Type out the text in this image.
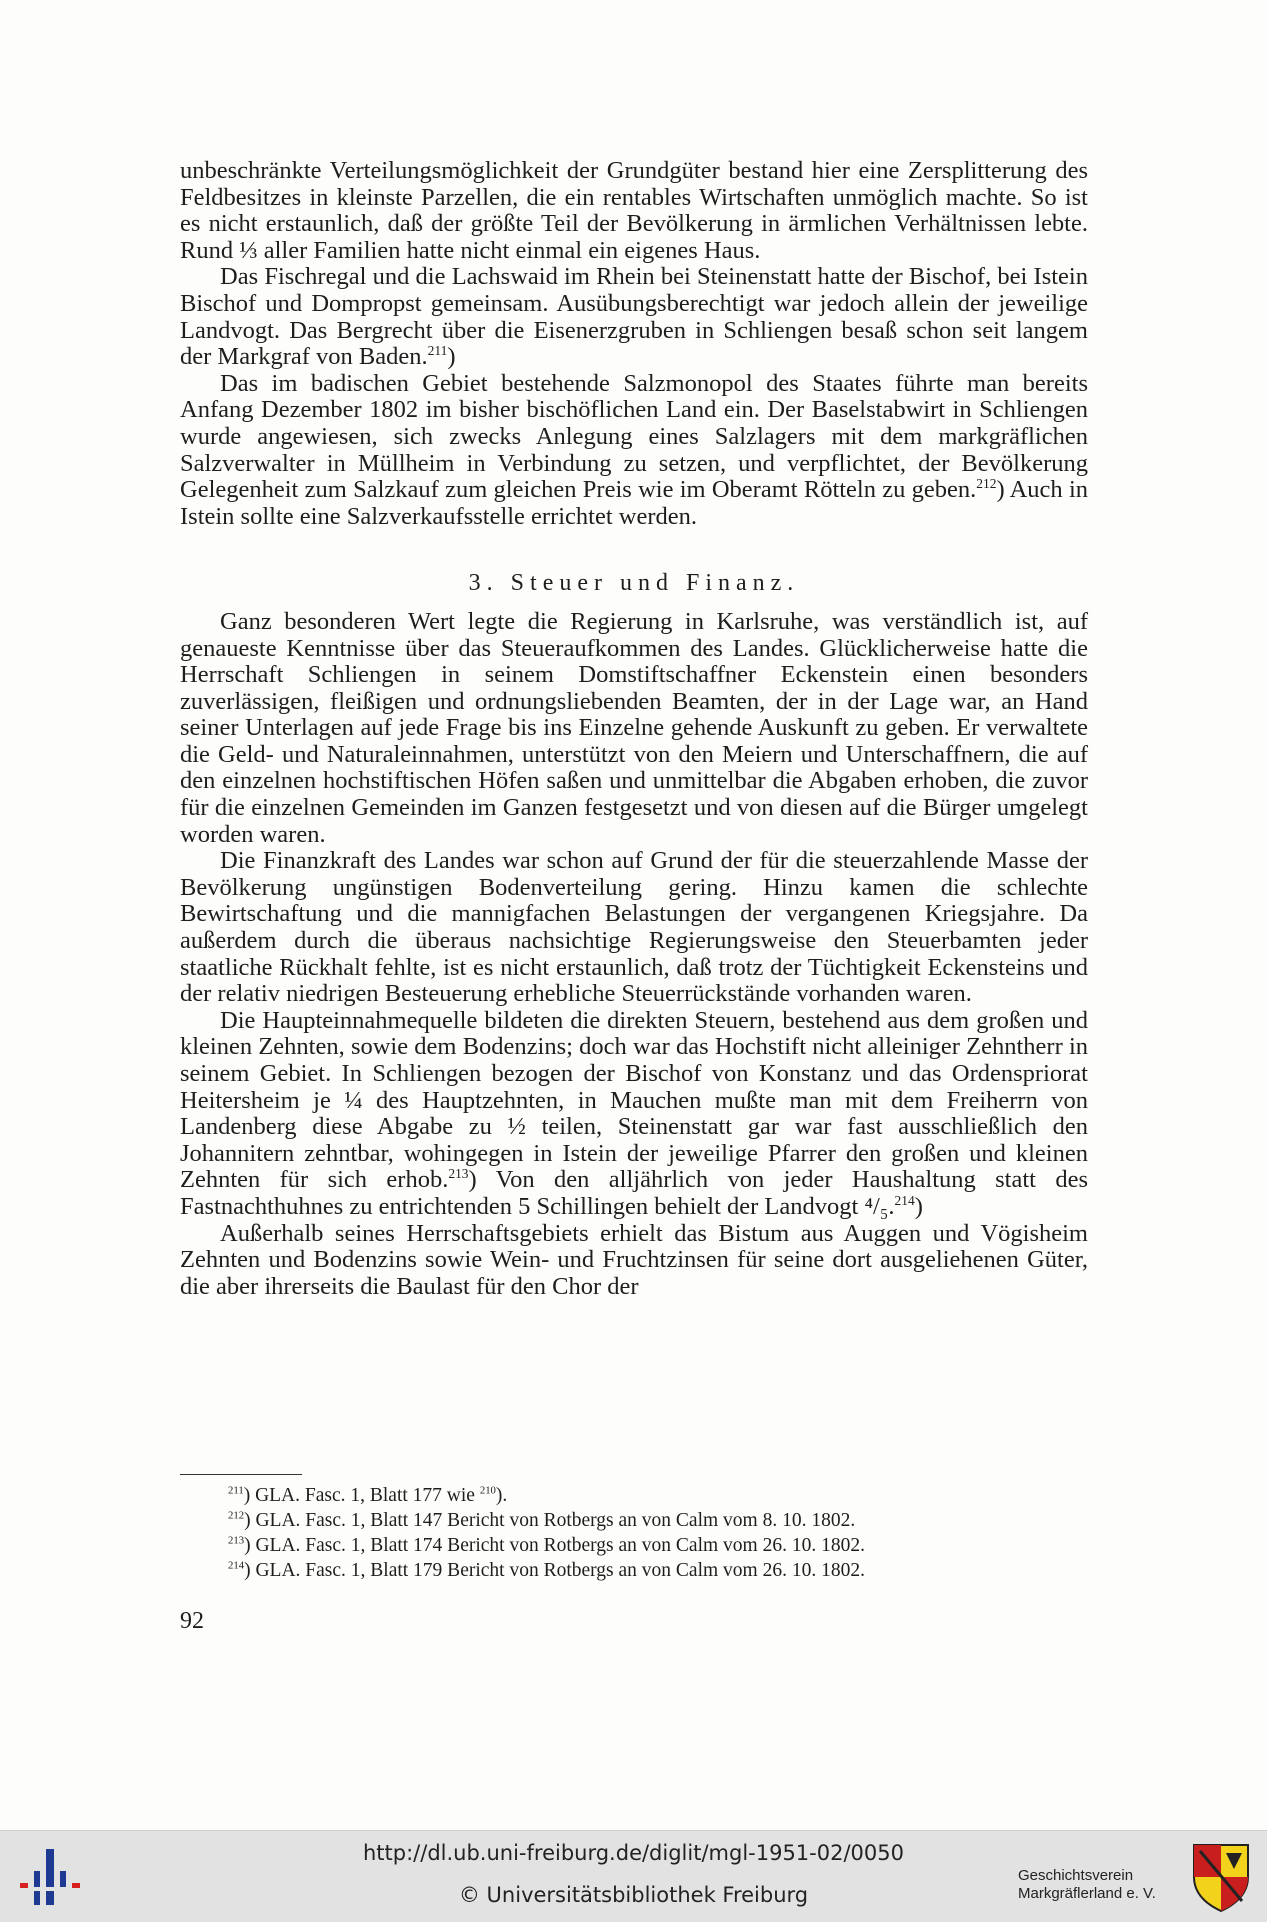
unbeschränkte Verteilungsmöglichkeit der Grundgüter bestand hier eine Zersplitterung des Feldbesitzes in kleinste Parzellen, die ein rentables Wirtschaften unmöglich machte. So ist es nicht erstaunlich, daß der größte Teil der Bevölkerung in ärmlichen Verhältnissen lebte. Rund ⅓ aller Familien hatte nicht einmal ein eigenes Haus.

Das Fischregal und die Lachswaid im Rhein bei Steinenstatt hatte der Bischof, bei Istein Bischof und Dompropst gemeinsam. Ausübungsberechtigt war jedoch allein der jeweilige Landvogt. Das Bergrecht über die Eisenerzgruben in Schliengen besaß schon seit langem der Markgraf von Baden.$^{211}$)

Das im badischen Gebiet bestehende Salzmonopol des Staates führte man bereits Anfang Dezember 1802 im bisher bischöflichen Land ein. Der Baselstabwirt in Schliengen wurde angewiesen, sich zwecks Anlegung eines Salzlagers mit dem markgräflichen Salzverwalter in Müllheim in Verbindung zu setzen, und verpflichtet, der Bevölkerung Gelegenheit zum Salzkauf zum gleichen Preis wie im Oberamt Rötteln zu geben.$^{212}$) Auch in Istein sollte eine Salzverkaufsstelle errichtet werden.

3. Steuer und Finanz.

Ganz besonderen Wert legte die Regierung in Karlsruhe, was verständlich ist, auf genaueste Kenntnisse über das Steueraufkommen des Landes. Glücklicherweise hatte die Herrschaft Schliengen in seinem Domstiftschaffner Eckenstein einen besonders zuverlässigen, fleißigen und ordnungsliebenden Beamten, der in der Lage war, an Hand seiner Unterlagen auf jede Frage bis ins Einzelne gehende Auskunft zu geben. Er verwaltete die Geld- und Naturaleinnahmen, unterstützt von den Meiern und Unterschaffnern, die auf den einzelnen hochstiftischen Höfen saßen und unmittelbar die Abgaben erhoben, die zuvor für die einzelnen Gemeinden im Ganzen festgesetzt und von diesen auf die Bürger umgelegt worden waren.

Die Finanzkraft des Landes war schon auf Grund der für die steuerzahlende Masse der Bevölkerung ungünstigen Bodenverteilung gering. Hinzu kamen die schlechte Bewirtschaftung und die mannigfachen Belastungen der vergangenen Kriegsjahre. Da außerdem durch die überaus nachsichtige Regierungsweise den Steuerbamten jeder staatliche Rückhalt fehlte, ist es nicht erstaunlich, daß trotz der Tüchtigkeit Eckensteins und der relativ niedrigen Besteuerung erhebliche Steuerrückstände vorhanden waren.

Die Haupteinnahmequelle bildeten die direkten Steuern, bestehend aus dem großen und kleinen Zehnten, sowie dem Bodenzins; doch war das Hochstift nicht alleiniger Zehntherr in seinem Gebiet. In Schliengen bezogen der Bischof von Konstanz und das Ordenspriorat Heitersheim je ¼ des Hauptzehnten, in Mauchen mußte man mit dem Freiherrn von Landenberg diese Abgabe zu ½ teilen, Steinenstatt gar war fast ausschließlich den Johannitern zehntbar, wohingegen in Istein der jeweilige Pfarrer den großen und kleinen Zehnten für sich erhob.$^{213}$) Von den alljährlich von jeder Haushaltung statt des Fastnachthuhnes zu entrichtenden 5 Schillingen behielt der Landvogt ⁴/₅.$^{214}$)

Außerhalb seines Herrschaftsgebiets erhielt das Bistum aus Auggen und Vögisheim Zehnten und Bodenzins sowie Wein- und Fruchtzinsen für seine dort ausgeliehenen Güter, die aber ihrerseits die Baulast für den Chor der

$^{211}$) GLA. Fasc. 1, Blatt 177 wie $^{210}$).
$^{212}$) GLA. Fasc. 1, Blatt 147 Bericht von Rotbergs an von Calm vom 8. 10. 1802.
$^{213}$) GLA. Fasc. 1, Blatt 174 Bericht von Rotbergs an von Calm vom 26. 10. 1802.
$^{214}$) GLA. Fasc. 1, Blatt 179 Bericht von Rotbergs an von Calm vom 26. 10. 1802.
92
http://dl.ub.uni-freiburg.de/diglit/mgl-1951-02/0050
© Universitätsbibliothek Freiburg
Geschichtsverein
Markgräflerland e. V.
